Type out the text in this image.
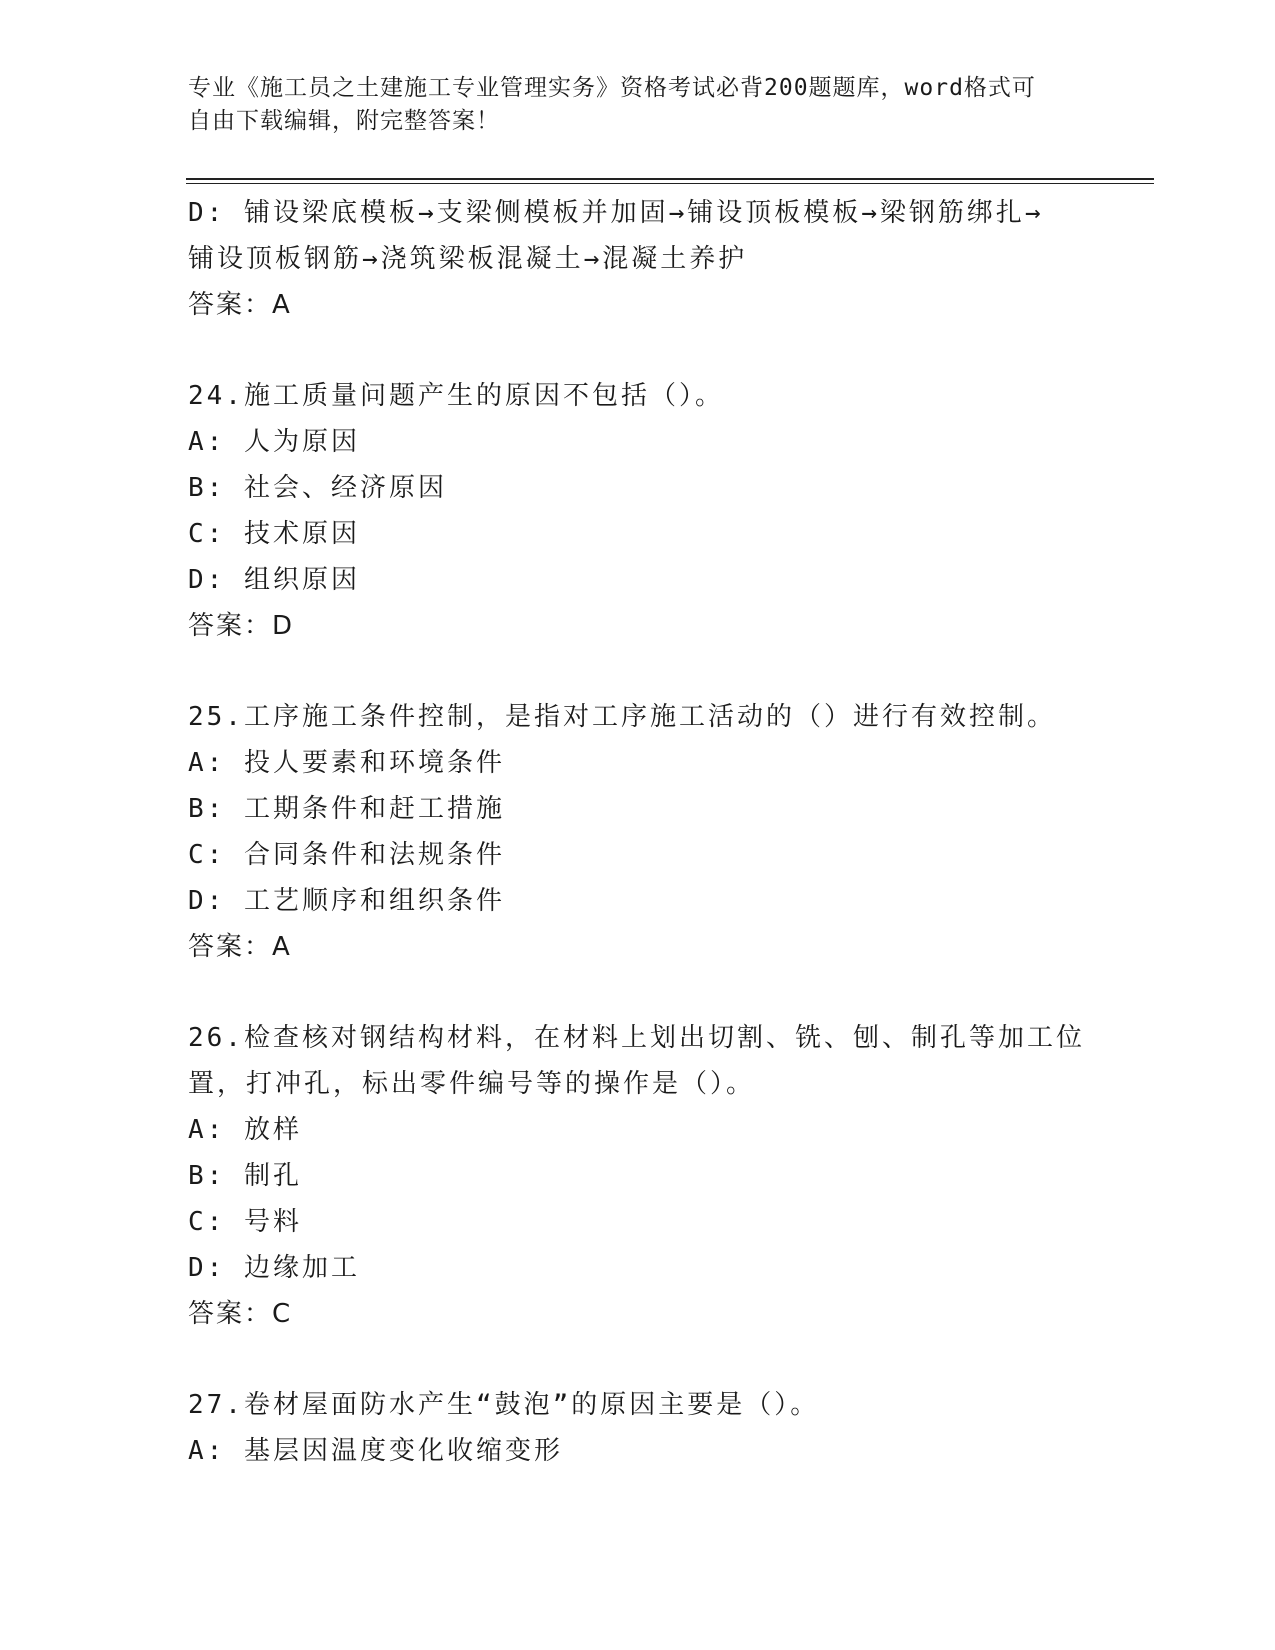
专业《施工员之土建施工专业管理实务》资格考试必背200题题库，word格式可
自由下载编辑，附完整答案！
D: 铺设梁底模板→支梁侧模板并加固→铺设顶板模板→梁钢筋绑扎→
铺设顶板钢筋→浇筑梁板混凝土→混凝土养护
答案：A
24.施工质量问题产生的原因不包括（）。
A: 人为原因
B: 社会、经济原因
C: 技术原因
D: 组织原因
答案：D
25.工序施工条件控制，是指对工序施工活动的（）进行有效控制。
A: 投人要素和环境条件
B: 工期条件和赶工措施
C: 合同条件和法规条件
D: 工艺顺序和组织条件
答案：A
26.检查核对钢结构材料，在材料上划出切割、铣、刨、制孔等加工位
置，打冲孔，标出零件编号等的操作是（）。
A: 放样
B: 制孔
C: 号料
D: 边缘加工
答案：C
27.卷材屋面防水产生“鼓泡”的原因主要是（）。
A: 基层因温度变化收缩变形
